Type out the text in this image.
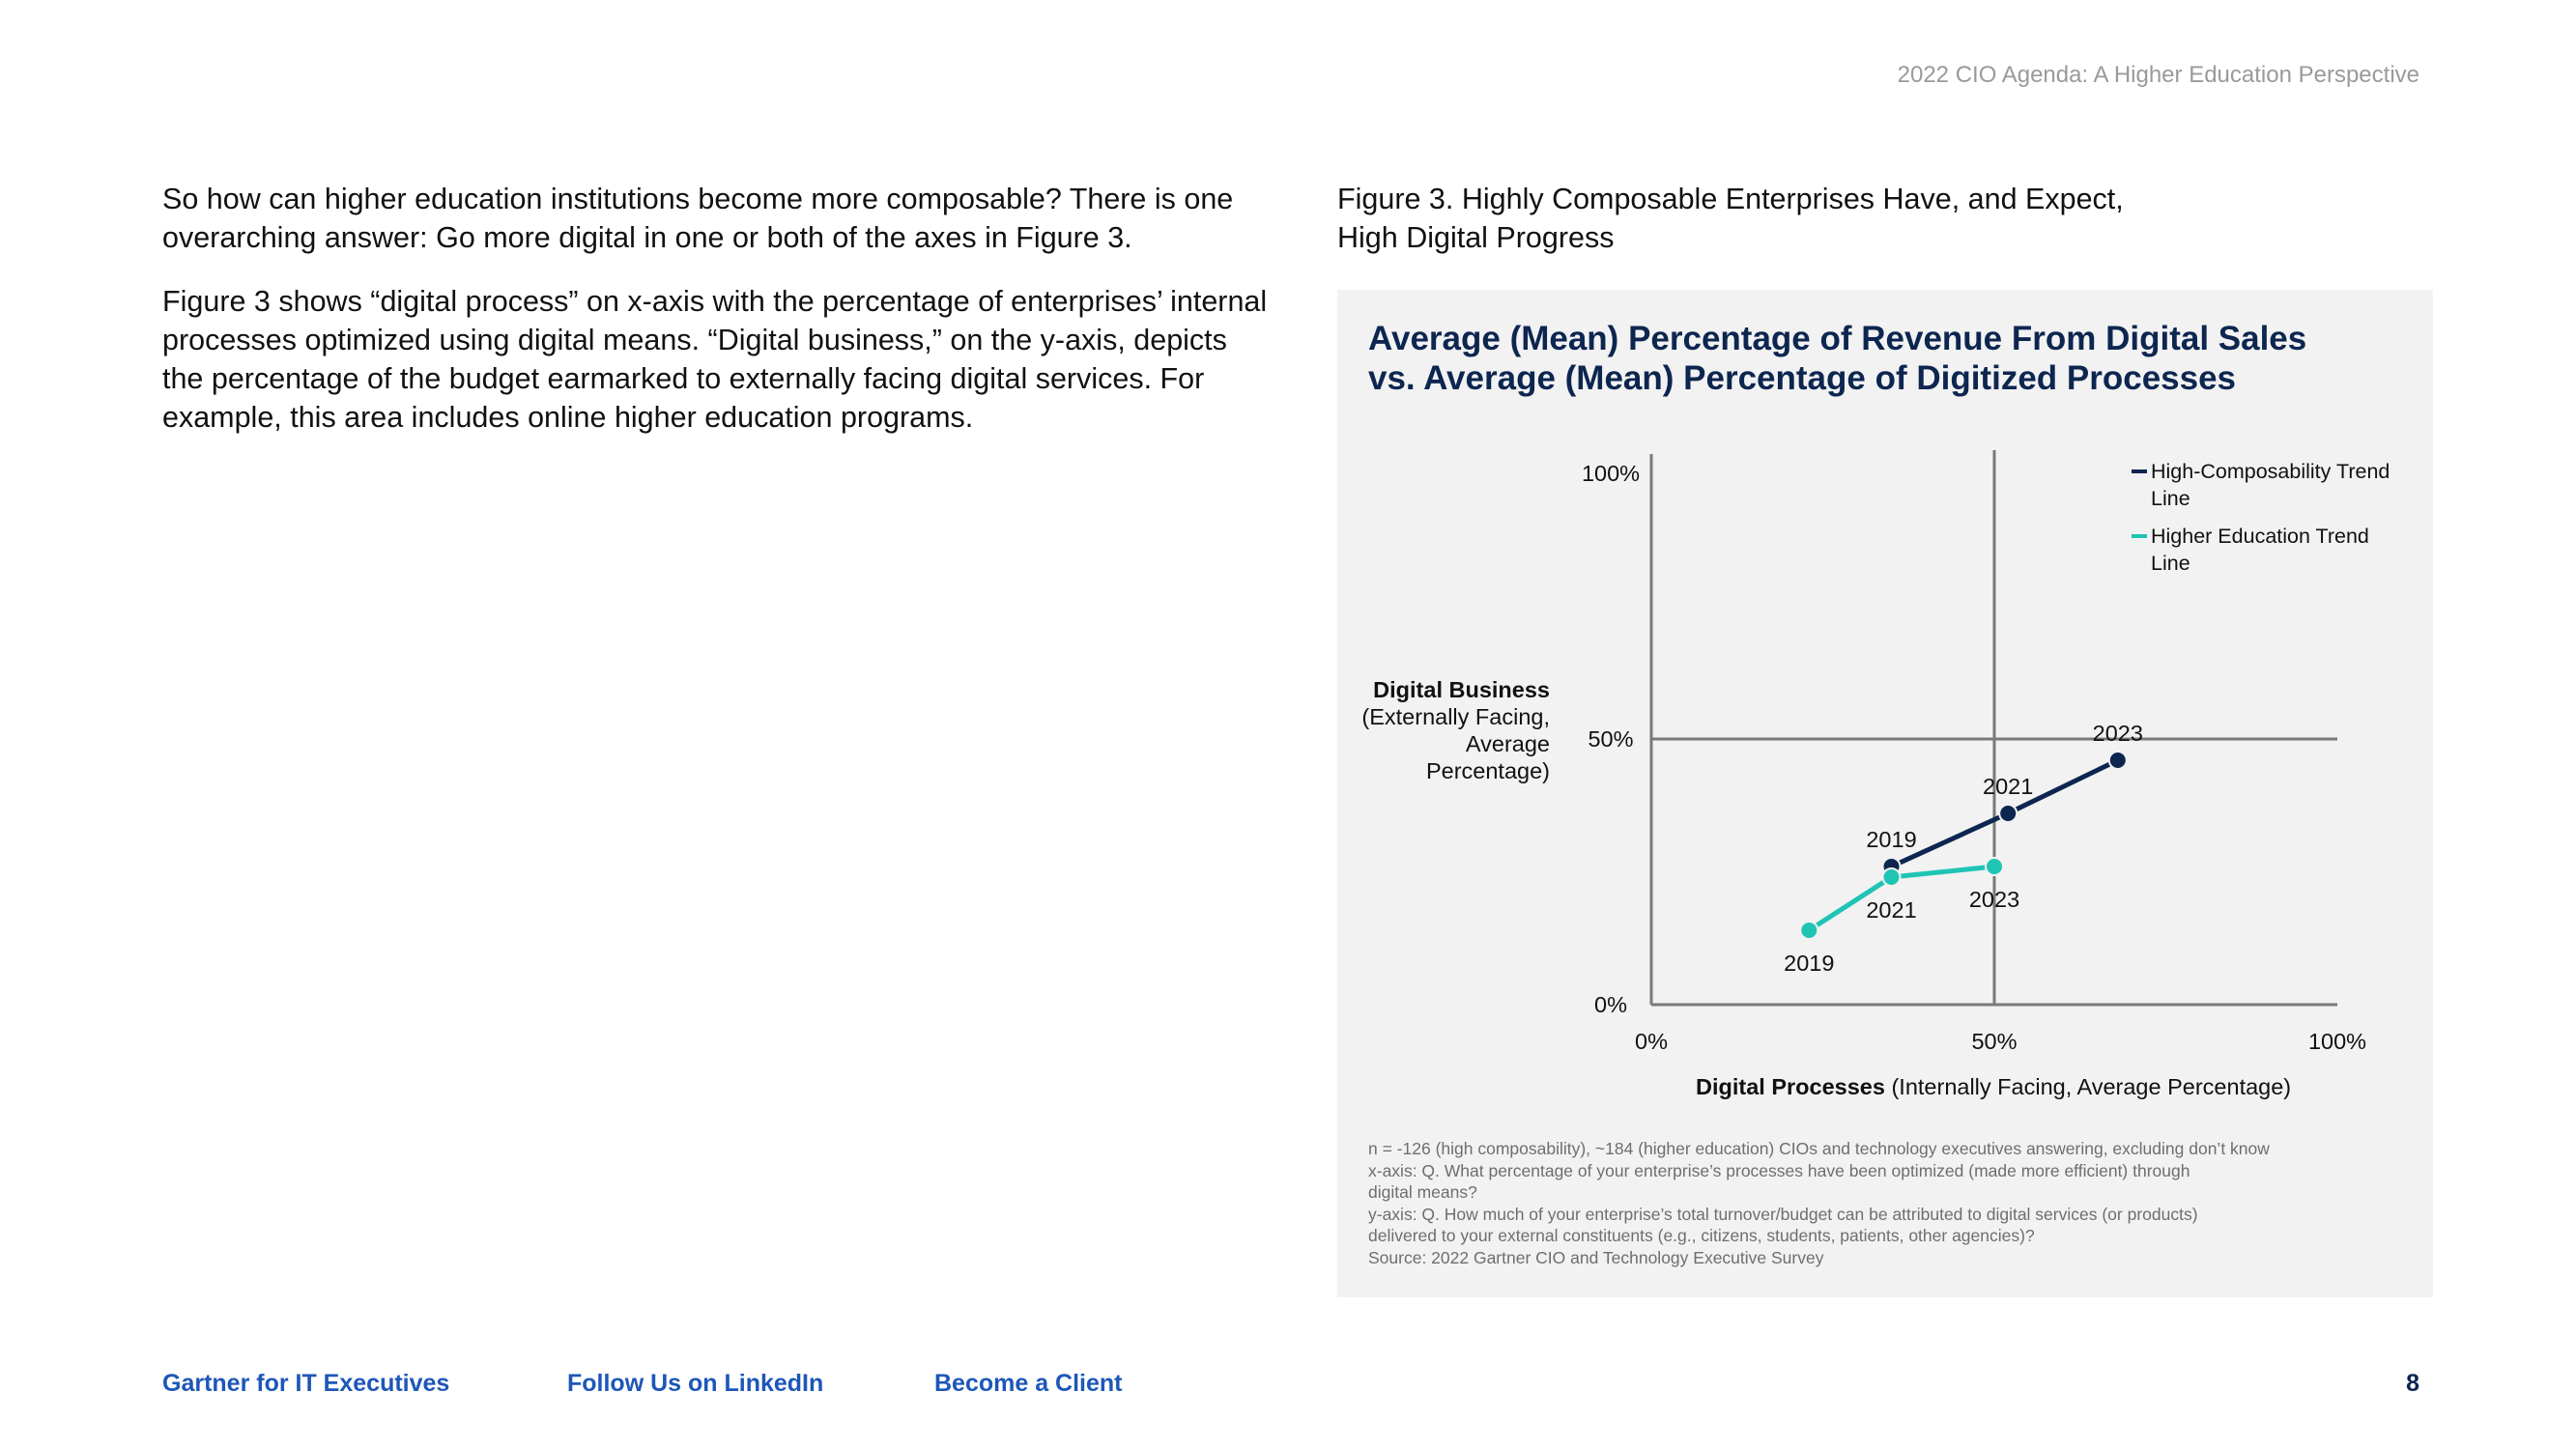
2022 CIO Agenda: A Higher Education Perspective

So how can higher education institutions become more composable? There is one overarching answer: Go more digital in one or both of the axes in Figure 3.

Figure 3 shows “digital process” on x-axis with the percentage of enterprises’ internal processes optimized using digital means. “Digital business,” on the y-axis, depicts the percentage of the budget earmarked to externally facing digital services. For example, this area includes online higher education programs.

Figure 3. Highly Composable Enterprises Have, and Expect,
High Digital Progress
Average (Mean) Percentage of Revenue From Digital Sales
vs. Average (Mean) Percentage of Digitized Processes
0%
50%
100%
0%	50%	100%
2019
2021
2023
2019
2021 2023
Digital Business
(Externally Facing, Average Percentage)
Digital Processes (Internally Facing, Average Percentage)
High-Composability Trend Line
Higher Education Trend Line
n = -126 (high composability), ~184 (higher education) CIOs and technology executives answering, excluding don’t know
x-axis: Q. What percentage of your enterprise’s processes have been optimized (made more efficient) through
digital means?
y-axis: Q. How much of your enterprise’s total turnover/budget can be attributed to digital services (or products)
delivered to your external constituents (e.g., citizens, students, patients, other agencies)?
Source: 2022 Gartner CIO and Technology Executive Survey
Gartner for IT Executives	Follow Us on LinkedIn	Become a Client	8
